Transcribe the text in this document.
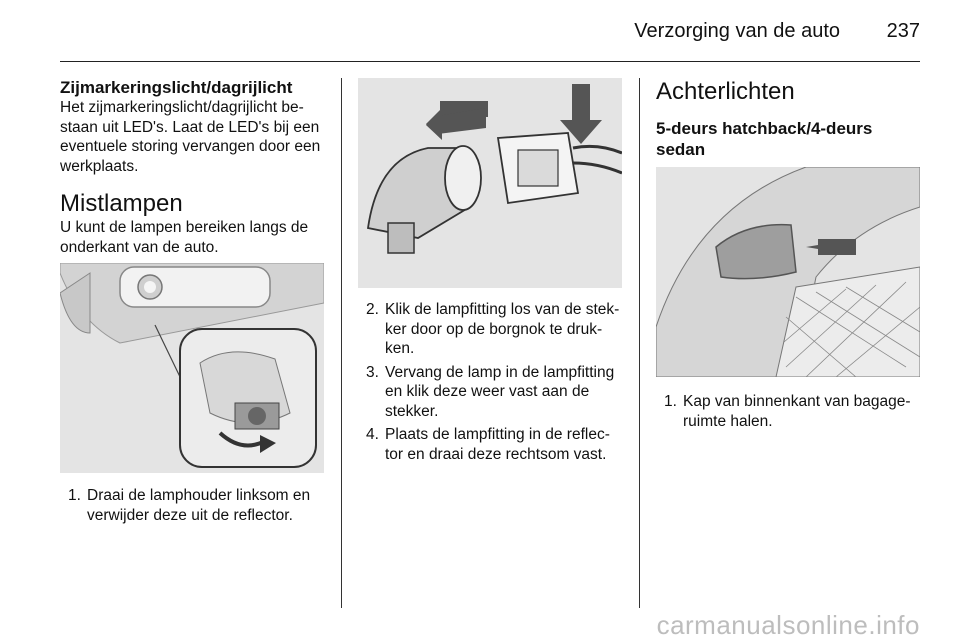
Verzorging van de auto 237
Zijmarkeringslicht/dagrijlicht
Het zijmarkeringslicht/dagrijlicht be-staan uit LED's. Laat de LED's bij een eventuele storing vervangen door een werkplaats.
Mistlampen
U kunt de lampen bereiken langs de onderkant van de auto.
1. Draai de lamphouder linksom en verwijder deze uit de reflector.
2. Klik de lampfitting los van de stek-ker door op de borgnok te druk-ken.
3. Vervang de lamp in de lampfitting en klik deze weer vast aan de stekker.
4. Plaats de lampfitting in de reflec-tor en draai deze rechtsom vast.
Achterlichten
5-deurs hatchback/4-deurs sedan
1. Kap van binnenkant van bagage-ruimte halen.
carmanualsonline.info
